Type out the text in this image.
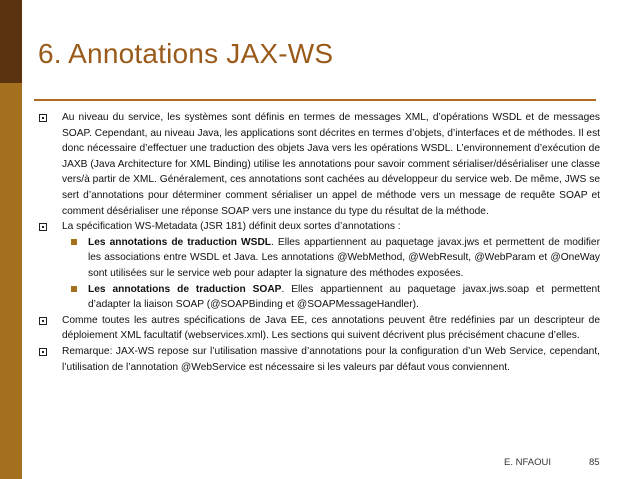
6. Annotations JAX-WS
Au niveau du service, les systèmes sont définis en termes de messages XML, d’opérations WSDL et de messages SOAP. Cependant, au niveau Java, les applications sont décrites en termes d’objets, d’interfaces et de méthodes. Il est donc nécessaire d’effectuer une traduction des objets Java vers les opérations WSDL. L’environnement d’exécution de JAXB (Java Architecture for XML Binding) utilise les annotations pour savoir comment sérialiser/désérialiser une classe vers/à partir de XML. Généralement, ces annotations sont cachées au développeur du service web. De même, JWS se sert d’annotations pour déterminer comment sérialiser un appel de méthode vers un message de requête SOAP et comment désérialiser une réponse SOAP vers une instance du type du résultat de la méthode.
La spécification WS-Metadata (JSR 181) définit deux sortes d’annotations :
Les annotations de traduction WSDL. Elles appartiennent au paquetage javax.jws et permettent de modifier les associations entre WSDL et Java. Les annotations @WebMethod, @WebResult, @WebParam et @OneWay sont utilisées sur le service web pour adapter la signature des méthodes exposées.
Les annotations de traduction SOAP. Elles appartiennent au paquetage javax.jws.soap et permettent d’adapter la liaison SOAP (@SOAPBinding et @SOAPMessageHandler).
Comme toutes les autres spécifications de Java EE, ces annotations peuvent être redéfinies par un descripteur de déploiement XML facultatif (webservices.xml). Les sections qui suivent décrivent plus précisément chacune d’elles.
Remarque: JAX-WS repose sur l’utilisation massive d’annotations pour la configuration d’un Web Service, cependant, l’utilisation de l’annotation @WebService est nécessaire si les valeurs par défaut vous conviennent.
E. NFAOUI	85
